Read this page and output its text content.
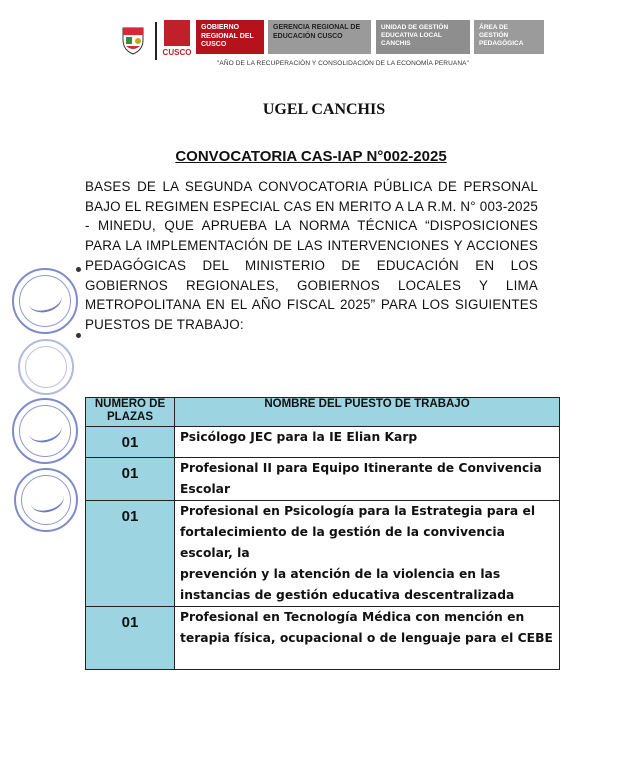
CUSCO
GOBIERNO REGIONAL DEL CUSCO
GERENCIA REGIONAL DE EDUCACIÓN CUSCO
UNIDAD DE GESTIÓN EDUCATIVA LOCAL CANCHIS
ÁREA DE GESTIÓN PEDAGÓGICA
"AÑO DE LA RECUPERACIÓN Y CONSOLIDACIÓN DE LA ECONOMÍA PERUANA"
UGEL CANCHIS
CONVOCATORIA CAS-IAP N°002-2025
BASES DE LA SEGUNDA CONVOCATORIA PÚBLICA DE PERSONAL BAJO EL REGIMEN ESPECIAL CAS EN MERITO A LA R.M. N° 003-2025 - MINEDU, QUE APRUEBA LA NORMA TÉCNICA “DISPOSICIONES PARA LA IMPLEMENTACIÓN DE LAS INTERVENCIONES Y ACCIONES PEDAGÓGICAS DEL MINISTERIO DE EDUCACIÓN EN LOS GOBIERNOS REGIONALES, GOBIERNOS LOCALES Y LIMA METROPOLITANA EN EL AÑO FISCAL 2025” PARA LOS SIGUIENTES PUESTOS DE TRABAJO:
NUMERO DE PLAZAS	NOMBRE DEL PUESTO DE TRABAJO
01	Psicólogo JEC para la IE Elian Karp
01	Profesional II para Equipo Itinerante de Convivencia Escolar
01	Profesional en Psicología para la Estrategia para el fortalecimiento de la gestión de la convivencia escolar, la
prevención y la atención de la violencia en las instancias de gestión educativa descentralizada
01	Profesional en Tecnología Médica con mención en terapia física, ocupacional o de lenguaje para el CEBE
